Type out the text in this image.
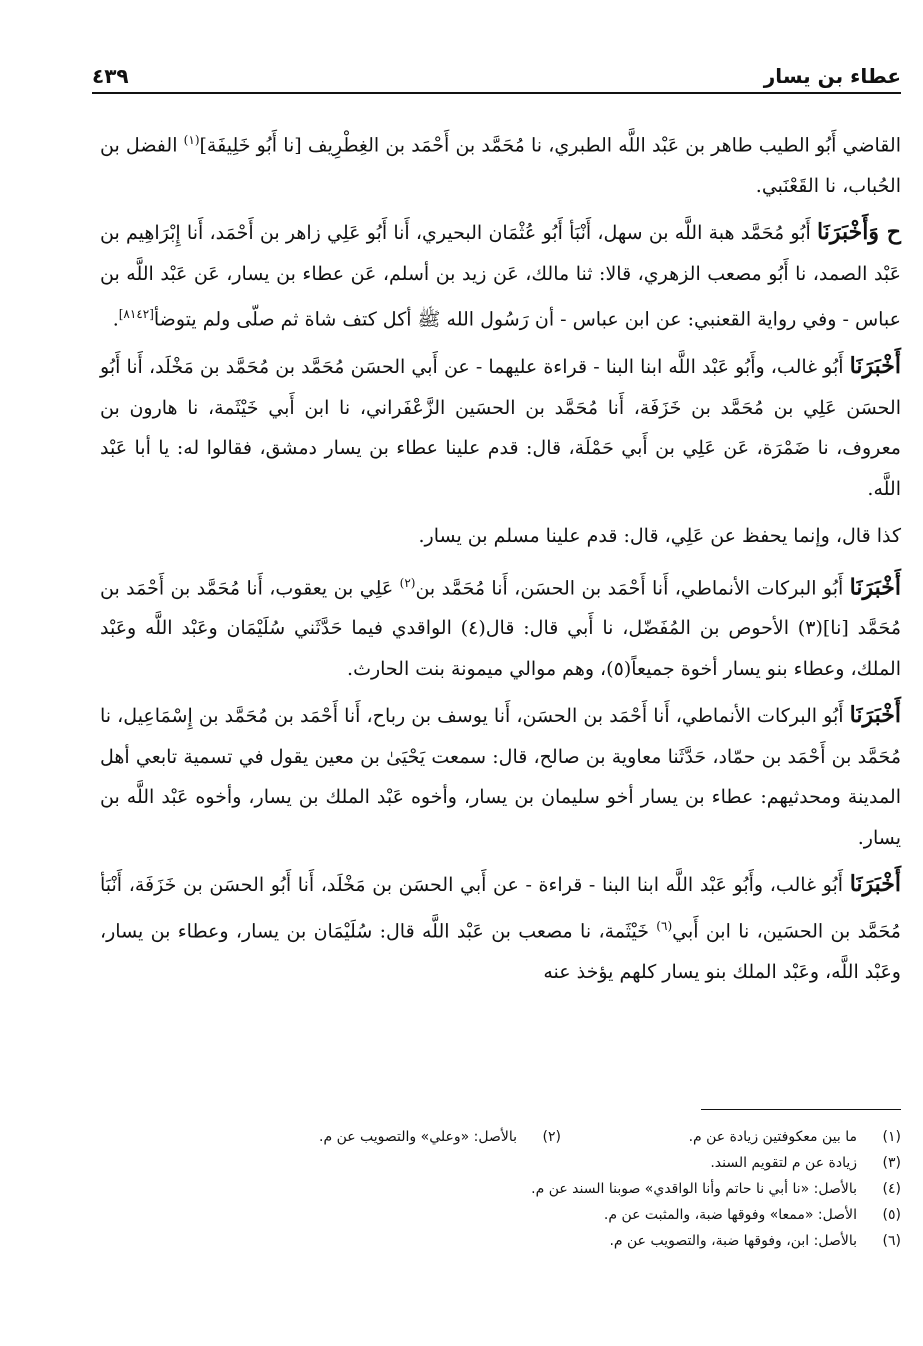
عطاء بن يسار
٤٣٩

القاضي أَبُو الطيب طاهر بن عَبْد اللَّه الطبري، نا مُحَمَّد بن أَحْمَد بن الغِطْرِيف [نا أَبُو خَلِيفَة]$^{(١)}$ الفضل بن الحُباب، نا القَعْنَبي.

ح وَأَخْبَرَنَا أَبُو مُحَمَّد هبة اللَّه بن سهل، أَنْبَأ أَبُو عُثْمَان البحيري، أَنا أَبُو عَلِي زاهر بن أَحْمَد، أَنا إِبْرَاهِيم بن عَبْد الصمد، نا أَبُو مصعب الزهري، قالا: ثنا مالك، عَن زيد بن أسلم، عَن عطاء بن يسار، عَن عَبْد اللَّه بن عباس - وفي رواية القعنبي: عن ابن عباس - أن رَسُول الله ﷺ أكل كتف شاة ثم صلّى ولم يتوضأ[٨١٤٢].

أَخْبَرَنَا أَبُو غالب، وأَبُو عَبْد اللَّه ابنا البنا - قراءة عليهما - عن أَبي الحسَن مُحَمَّد بن مُحَمَّد بن مَخْلَد، أَنا أَبُو الحسَن عَلِي بن مُحَمَّد بن خَزَفَة، أَنا مُحَمَّد بن الحسَين الزَّعْفَراني، نا ابن أَبي خَيْثَمة، نا هارون بن معروف، نا ضَمْرَة، عَن عَلِي بن أَبي حَمْلَة، قال: قدم علينا عطاء بن يسار دمشق، فقالوا له: يا أبا عَبْد اللَّه.

كذا قال، وإنما يحفظ عن عَلِي، قال: قدم علينا مسلم بن يسار.

أَخْبَرَنَا أَبُو البركات الأنماطي، أَنا أَحْمَد بن الحسَن، أَنا مُحَمَّد بن$^{(٢)}$ عَلِي بن يعقوب، أَنا مُحَمَّد بن أَحْمَد بن مُحَمَّد [نا](٣) الأحوص بن المُفَضّل، نا أَبي قال: قال(٤) الواقدي فيما حَدَّثَني سُلَيْمَان وعَبْد اللَّه وعَبْد الملك، وعطاء بنو يسار أخوة جميعاً(٥)، وهم موالي ميمونة بنت الحارث.

أَخْبَرَنَا أَبُو البركات الأنماطي، أَنا أَحْمَد بن الحسَن، أَنا يوسف بن رباح، أَنا أَحْمَد بن مُحَمَّد بن إِسْمَاعِيل، نا مُحَمَّد بن أَحْمَد بن حمّاد، حَدَّثَنا معاوية بن صالح، قال: سمعت يَحْيَىٰ بن معين يقول في تسمية تابعي أهل المدينة ومحدثيهم: عطاء بن يسار أخو سليمان بن يسار، وأخوه عَبْد الملك بن يسار، وأخوه عَبْد اللَّه بن يسار.

أَخْبَرَنَا أَبُو غالب، وأَبُو عَبْد اللَّه ابنا البنا - قراءة - عن أَبي الحسَن بن مَخْلَد، أَنا أَبُو الحسَن بن خَزَفَة، أَنْبَأ مُحَمَّد بن الحسَين، نا ابن أَبي$^{(٦)}$ خَيْثَمة، نا مصعب بن عَبْد اللَّه قال: سُلَيْمَان بن يسار، وعطاء بن يسار، وعَبْد اللَّه، وعَبْد الملك بنو يسار كلهم يؤخذ عنه

(١)
ما بين معكوفتين زيادة عن م.
(٢)
بالأصل: «وعلي» والتصويب عن م.
(٣)زيادة عن م لتقويم السند.
(٤)بالأصل: «نا أبي نا حاتم وأنا الواقدي» صوبنا السند عن م.
(٥)الأصل: «ممعا» وفوقها ضبة، والمثبت عن م.
(٦)بالأصل: ابن، وفوقها ضبة، والتصويب عن م.
